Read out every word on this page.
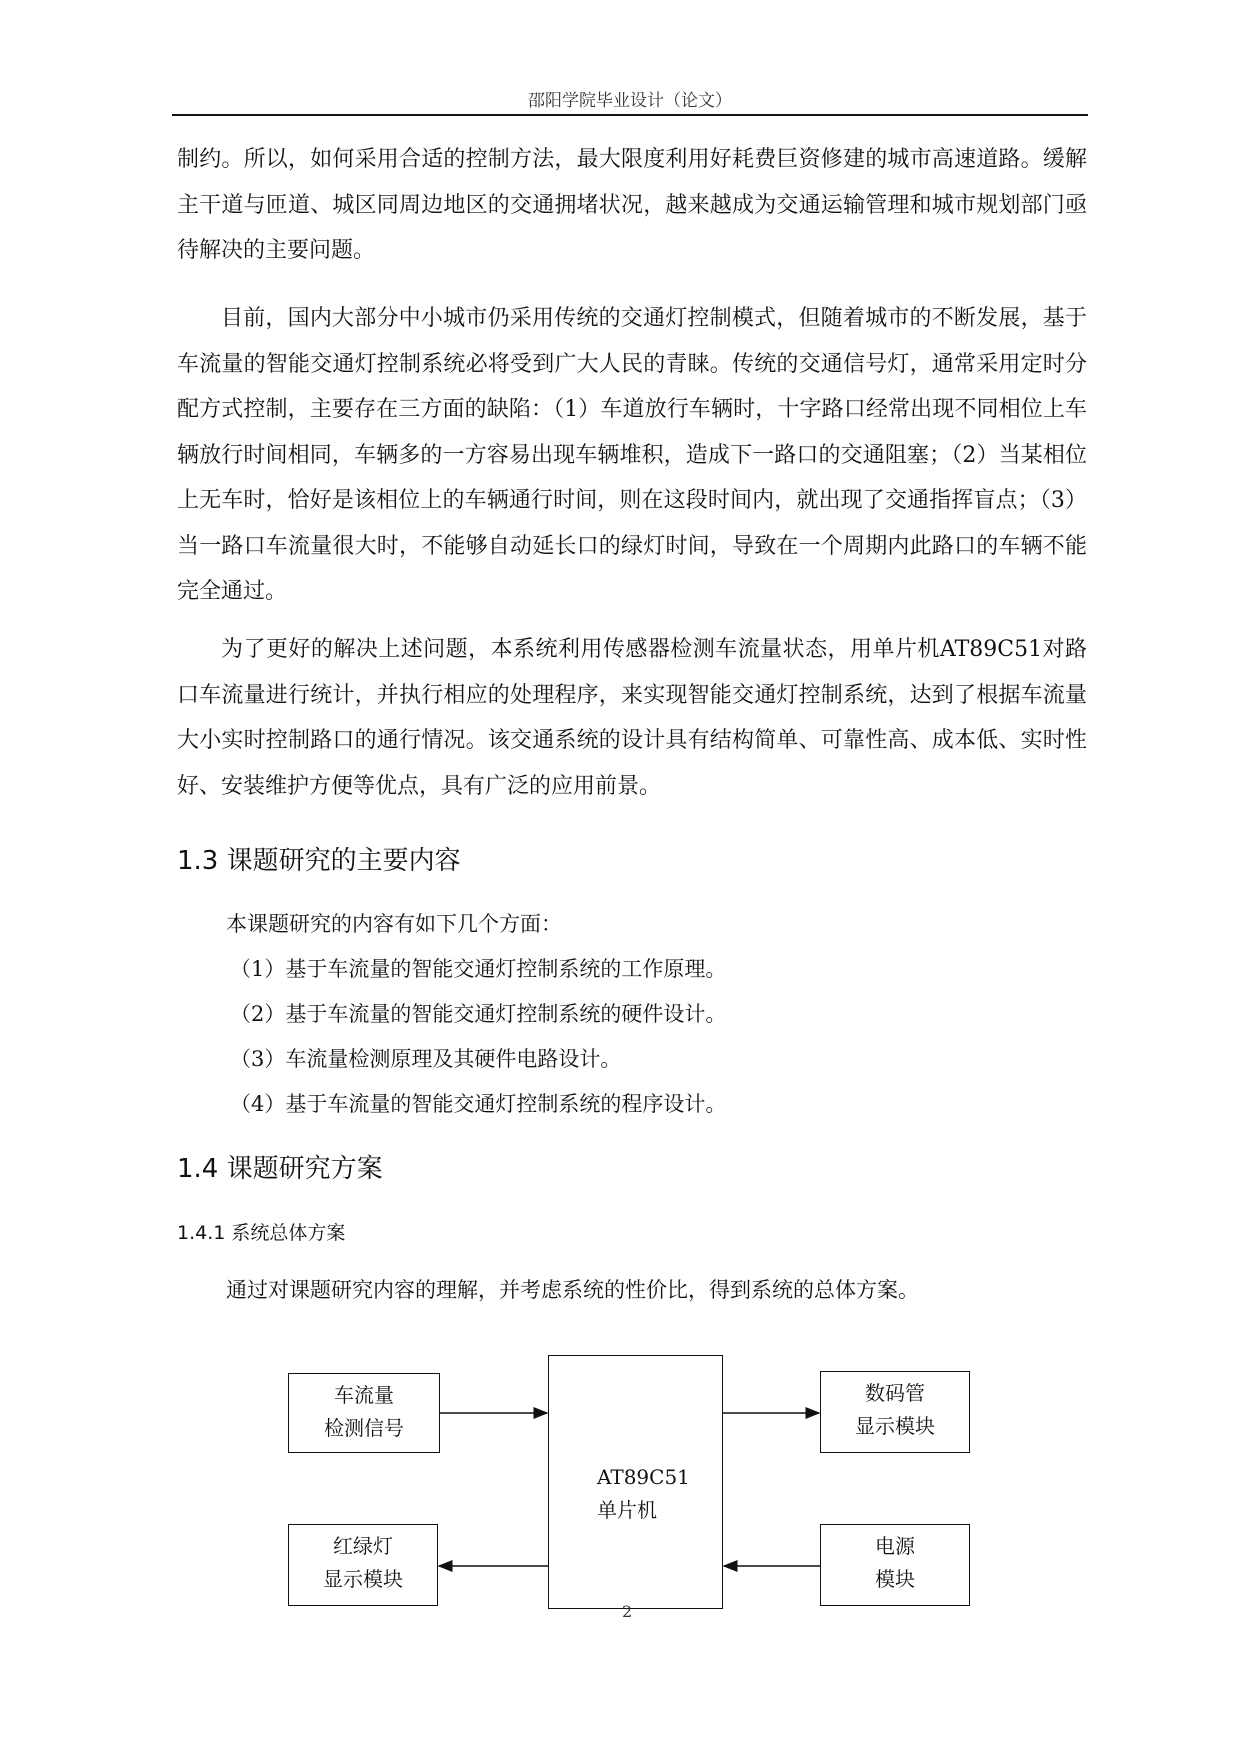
邵阳学院毕业设计（论文）

制约。所以，如何采用合适的控制方法，最大限度利用好耗费巨资修建的城市高速道路。缓解主干道与匝道、城区同周边地区的交通拥堵状况，越来越成为交通运输管理和城市规划部门亟待解决的主要问题。

目前，国内大部分中小城市仍采用传统的交通灯控制模式，但随着城市的不断发展，基于车流量的智能交通灯控制系统必将受到广大人民的青睐。传统的交通信号灯，通常采用定时分配方式控制，主要存在三方面的缺陷：（1）车道放行车辆时，十字路口经常出现不同相位上车辆放行时间相同，车辆多的一方容易出现车辆堆积，造成下一路口的交通阻塞；（2）当某相位上无车时，恰好是该相位上的车辆通行时间，则在这段时间内，就出现了交通指挥盲点；（3）当一路口车流量很大时，不能够自动延长口的绿灯时间，导致在一个周期内此路口的车辆不能完全通过。

为了更好的解决上述问题，本系统利用传感器检测车流量状态，用单片机AT89C51对路口车流量进行统计，并执行相应的处理程序，来实现智能交通灯控制系统，达到了根据车流量大小实时控制路口的通行情况。该交通系统的设计具有结构简单、可靠性高、成本低、实时性好、安装维护方便等优点，具有广泛的应用前景。

1.3 课题研究的主要内容
本课题研究的内容有如下几个方面：
（1）基于车流量的智能交通灯控制系统的工作原理。
（2）基于车流量的智能交通灯控制系统的硬件设计。
（3）车流量检测原理及其硬件电路设计。
（4）基于车流量的智能交通灯控制系统的程序设计。
1.4 课题研究方案
1.4.1 系统总体方案
通过对课题研究内容的理解，并考虑系统的性价比，得到系统的总体方案。
车流量
检测信号
AT89C51
单片机
数码管
显示模块
红绿灯
显示模块
电源
模块
2
